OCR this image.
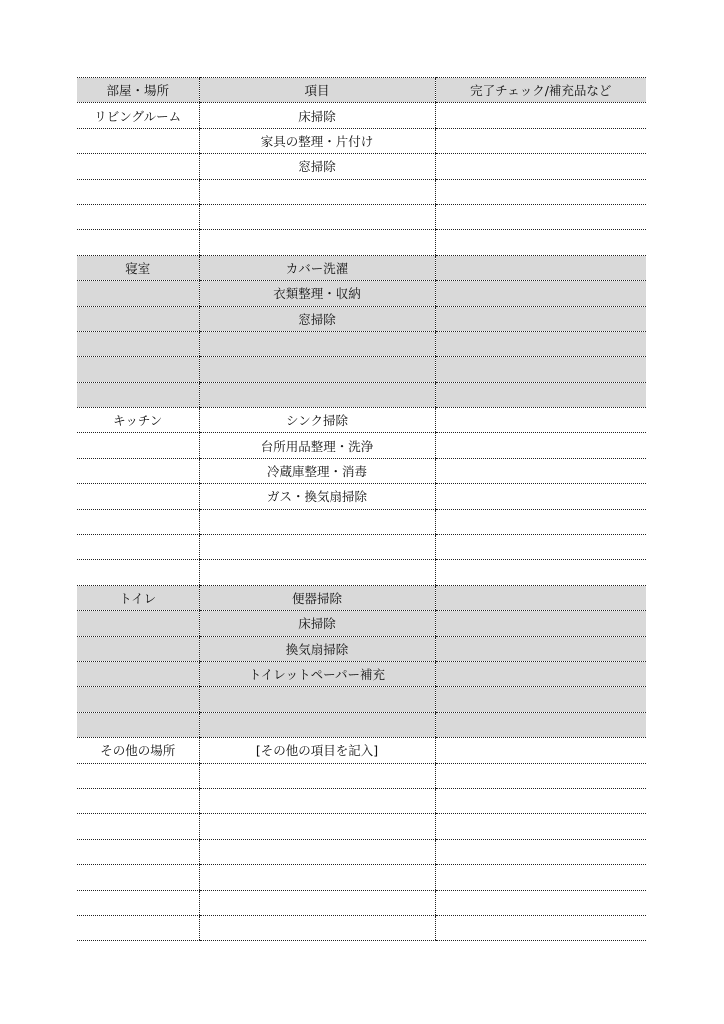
部屋・場所	項目	完了チェック/補充品など
リビングルーム	床掃除	
	家具の整理・片付け	
	窓掃除	

寝室	カバー洗濯	
	衣類整理・収納	
	窓掃除	

キッチン	シンク掃除	
	台所用品整理・洗浄	
	冷蔵庫整理・消毒	
	ガス・換気扇掃除	

トイレ	便器掃除	
	床掃除	
	換気扇掃除	
	トイレットペーパー補充	

その他の場所	[その他の項目を記入]	
